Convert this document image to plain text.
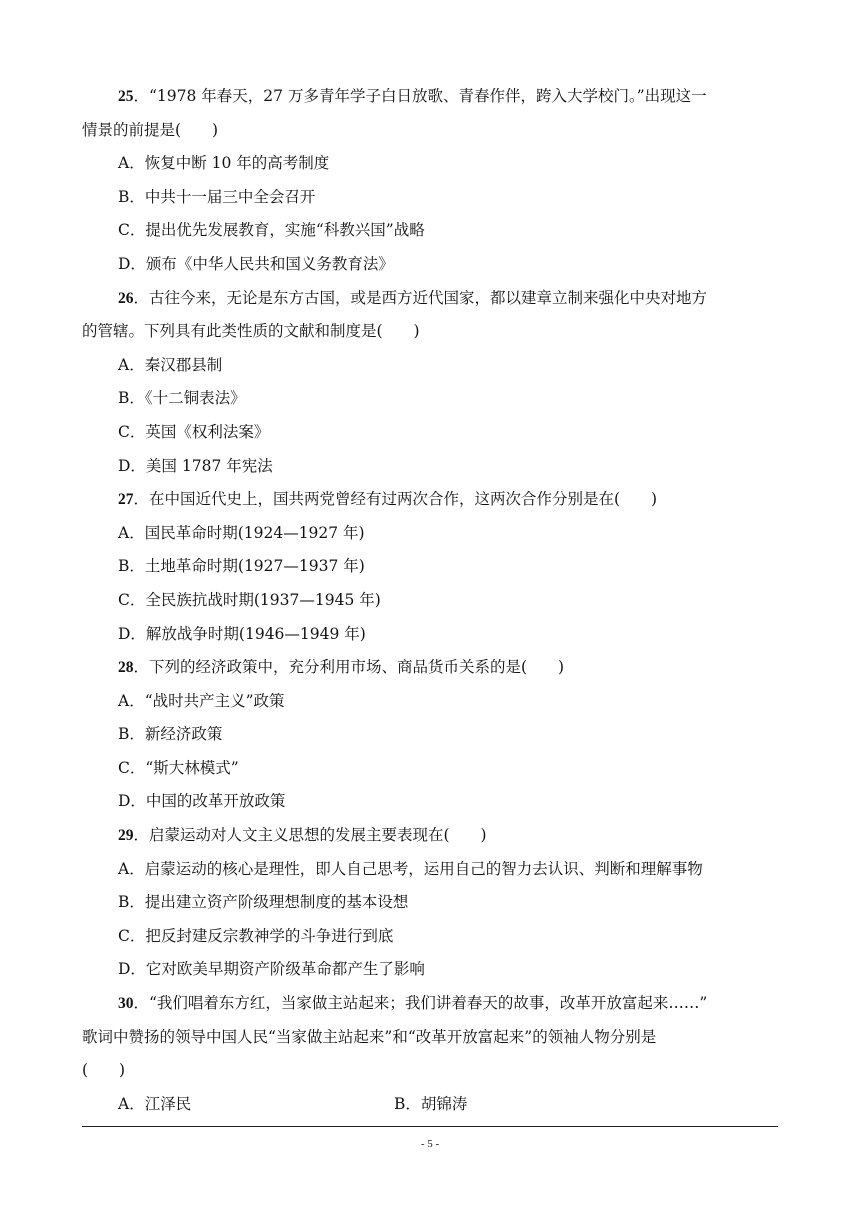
25．“1978 年春天，27 万多青年学子白日放歌、青春作伴，跨入大学校门。”出现这一
情景的前提是(　　)
A．恢复中断 10 年的高考制度
B．中共十一届三中全会召开
C．提出优先发展教育，实施“科教兴国”战略
D．颁布《中华人民共和国义务教育法》
26．古往今来，无论是东方古国，或是西方近代国家，都以建章立制来强化中央对地方
的管辖。下列具有此类性质的文献和制度是(　　)
A．秦汉郡县制
B．《十二铜表法》
C．英国《权利法案》
D．美国 1787 年宪法
27．在中国近代史上，国共两党曾经有过两次合作，这两次合作分别是在(　　)
A．国民革命时期(1924—1927 年)
B．土地革命时期(1927—1937 年)
C．全民族抗战时期(1937—1945 年)
D．解放战争时期(1946—1949 年)
28．下列的经济政策中，充分利用市场、商品货币关系的是(　　)
A．“战时共产主义”政策
B．新经济政策
C．“斯大林模式”
D．中国的改革开放政策
29．启蒙运动对人文主义思想的发展主要表现在(　　)
A．启蒙运动的核心是理性，即人自己思考，运用自己的智力去认识、判断和理解事物
B．提出建立资产阶级理想制度的基本设想
C．把反封建反宗教神学的斗争进行到底
D．它对欧美早期资产阶级革命都产生了影响
30．“我们唱着东方红，当家做主站起来；我们讲着春天的故事，改革开放富起来……”
歌词中赞扬的领导中国人民“当家做主站起来”和“改革开放富起来”的领袖人物分别是
(　　)
A．江泽民	B．胡锦涛
- 5 -
